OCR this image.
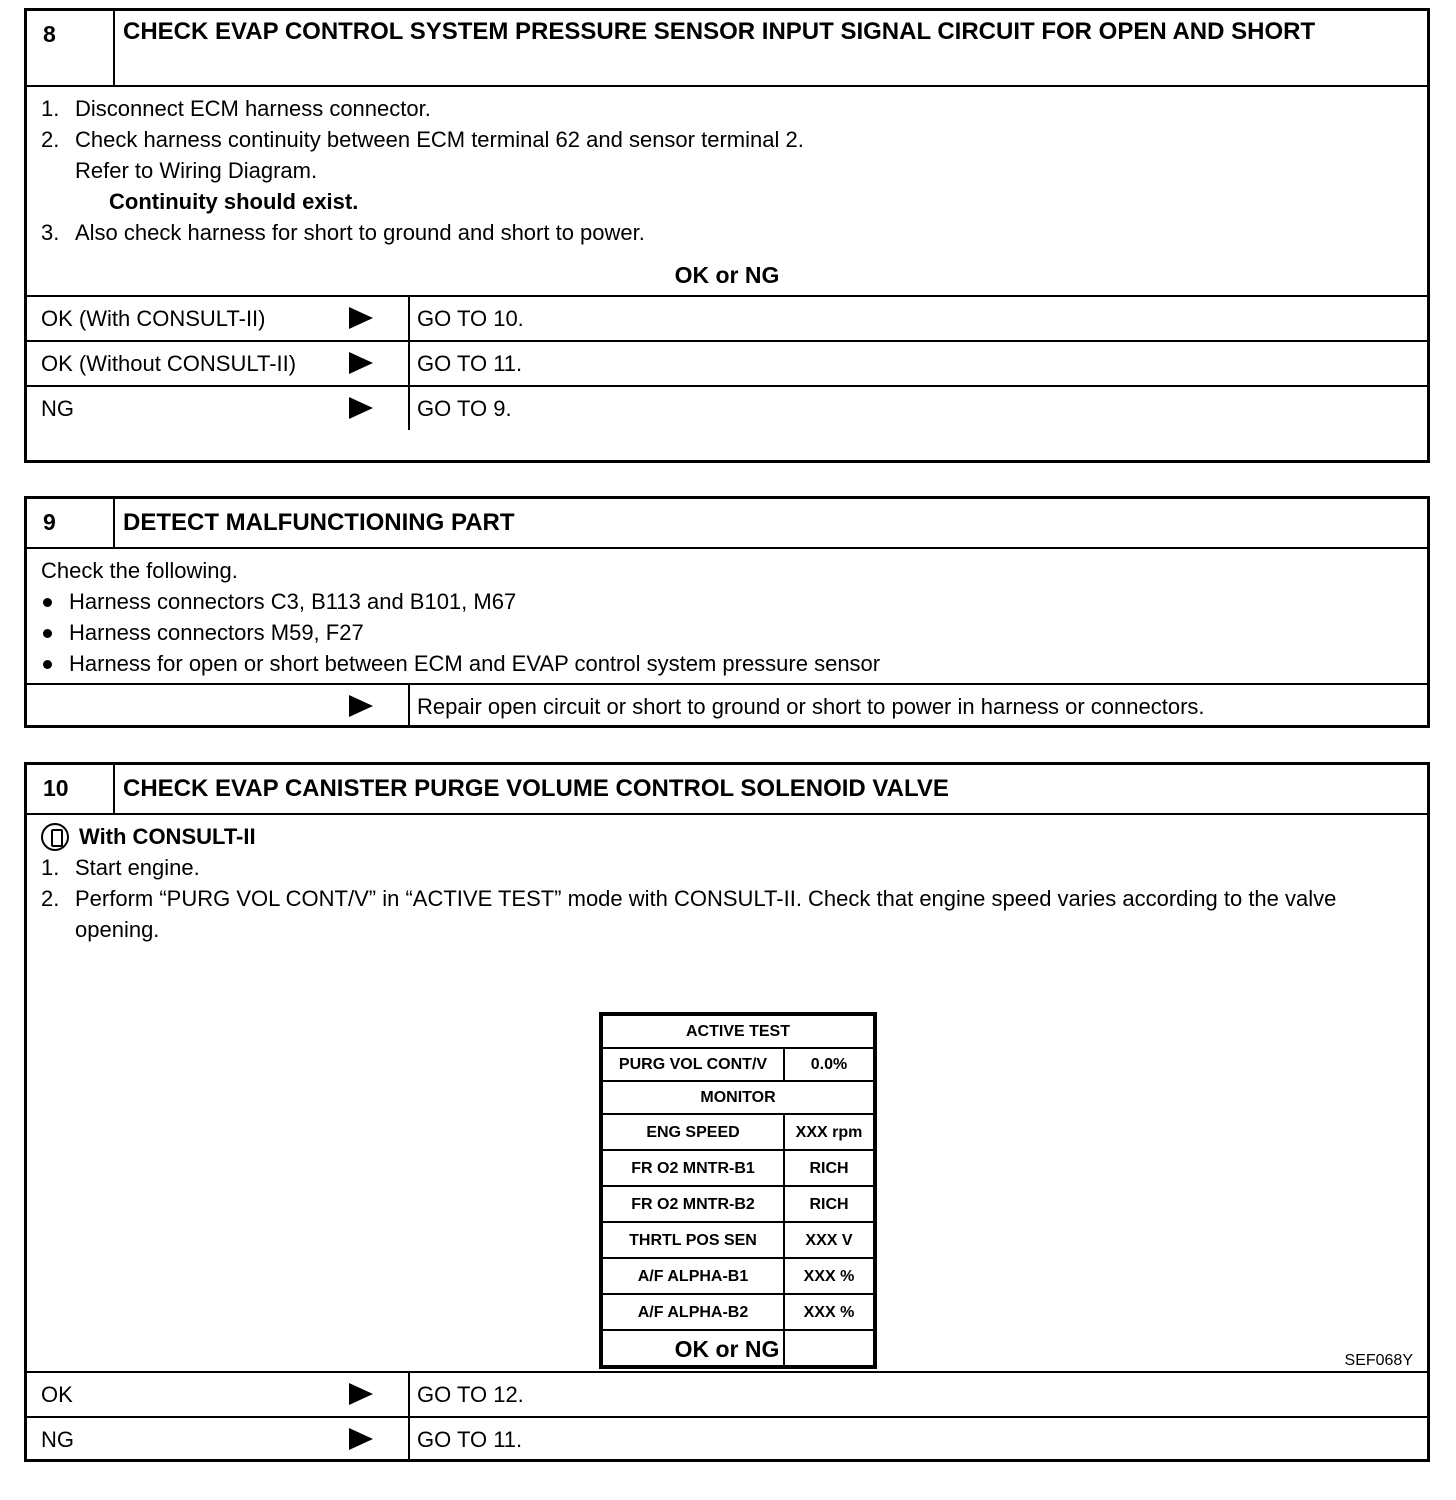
8	CHECK EVAP CONTROL SYSTEM PRESSURE SENSOR INPUT SIGNAL CIRCUIT FOR OPEN AND SHORT
1. Disconnect ECM harness connector.
2. Check harness continuity between ECM terminal 62 and sensor terminal 2.
Refer to Wiring Diagram.
Continuity should exist.
3. Also check harness for short to ground and short to power.
OK or NG
OK (With CONSULT-II)	GO TO 10.
OK (Without CONSULT-II)	GO TO 11.
NG	GO TO 9.
9	DETECT MALFUNCTIONING PART
Check the following.
Harness connectors C3, B113 and B101, M67
Harness connectors M59, F27
Harness for open or short between ECM and EVAP control system pressure sensor

Repair open circuit or short to ground or short to power in harness or connectors.
10	CHECK EVAP CANISTER PURGE VOLUME CONTROL SOLENOID VALVE
With CONSULT-II
1. Start engine.
2. Perform “PURG VOL CONT/V” in “ACTIVE TEST” mode with CONSULT-II. Check that engine speed varies according to the valve opening.
ACTIVE TEST	
PURG VOL CONT/V	0.0%
MONITOR	
ENG SPEED	XXX rpm
FR O2 MNTR-B1	RICH
FR O2 MNTR-B2	RICH
THRTL POS SEN	XXX V
A/F ALPHA-B1	XXX %
A/F ALPHA-B2	XXX %

SEF068Y
OK or NG
OK	GO TO 12.
NG	GO TO 11.
